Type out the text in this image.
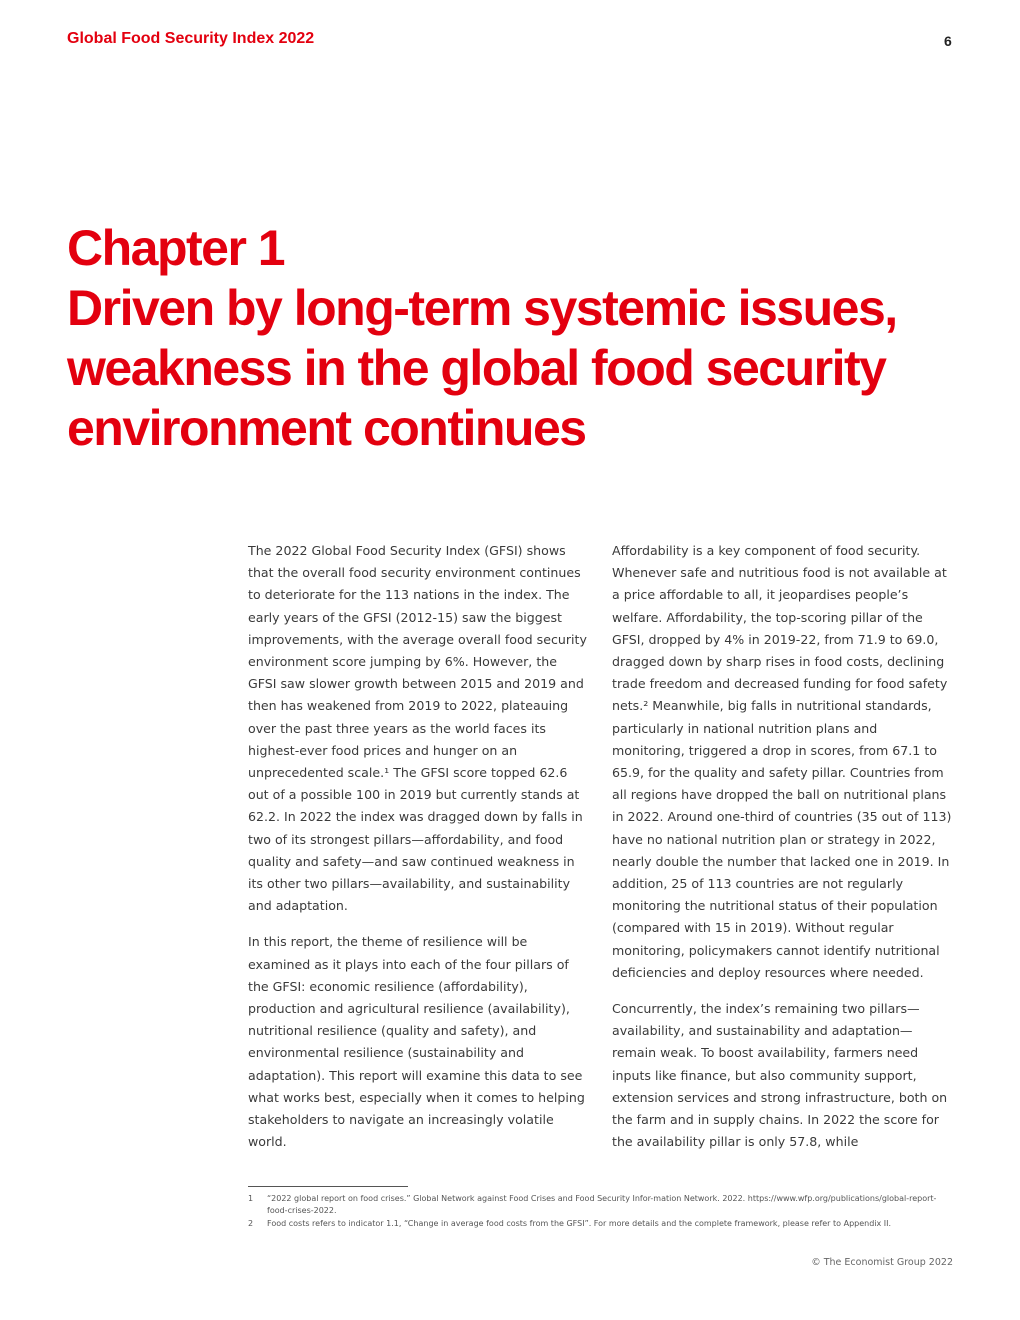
Global Food Security Index 2022	6
Chapter 1
Driven by long-term systemic issues,
weakness in the global food security
environment continues

The 2022 Global Food Security Index (GFSI) shows that the overall food security environment continues to deteriorate for the 113 nations in the index. The early years of the GFSI (2012-15) saw the biggest improvements, with the average overall food security environment score jumping by 6%. However, the GFSI saw slower growth between 2015 and 2019 and then has weakened from 2019 to 2022, plateauing over the past three years as the world faces its highest-ever food prices and hunger on an unprecedented scale.¹ The GFSI score topped 62.6 out of a possible 100 in 2019 but currently stands at 62.2. In 2022 the index was dragged down by falls in two of its strongest pillars—affordability, and food quality and safety—and saw continued weakness in its other two pillars—availability, and sustainability and adaptation.

In this report, the theme of resilience will be examined as it plays into each of the four pillars of the GFSI: economic resilience (affordability), production and agricultural resilience (availability), nutritional resilience (quality and safety), and environmental resilience (sustainability and adaptation). This report will examine this data to see what works best, especially when it comes to helping stakeholders to navigate an increasingly volatile world.

Affordability is a key component of food security. Whenever safe and nutritious food is not available at a price affordable to all, it jeopardises people’s welfare. Affordability, the top-scoring pillar of the GFSI, dropped by 4% in 2019-22, from 71.9 to 69.0, dragged down by sharp rises in food costs, declining trade freedom and decreased funding for food safety nets.² Meanwhile, big falls in nutritional standards, particularly in national nutrition plans and monitoring, triggered a drop in scores, from 67.1 to 65.9, for the quality and safety pillar. Countries from all regions have dropped the ball on nutritional plans in 2022. Around one-third of countries (35 out of 113) have no national nutrition plan or strategy in 2022, nearly double the number that lacked one in 2019. In addition, 25 of 113 countries are not regularly monitoring the nutritional status of their population (compared with 15 in 2019). Without regular monitoring, policymakers cannot identify nutritional deficiencies and deploy resources where needed.

Concurrently, the index’s remaining two pillars—availability, and sustainability and adaptation—remain weak. To boost availability, farmers need inputs like finance, but also community support, extension services and strong infrastructure, both on the farm and in supply chains. In 2022 the score for the availability pillar is only 57.8, while

1	“2022 global report on food crises.” Global Network against Food Crises and Food Security Infor-mation Network. 2022. https://www.wfp.org/publications/global-report-food-crises-2022.
2	Food costs refers to indicator 1.1, “Change in average food costs from the GFSI”. For more details and the complete framework, please refer to Appendix II.
© The Economist Group 2022
